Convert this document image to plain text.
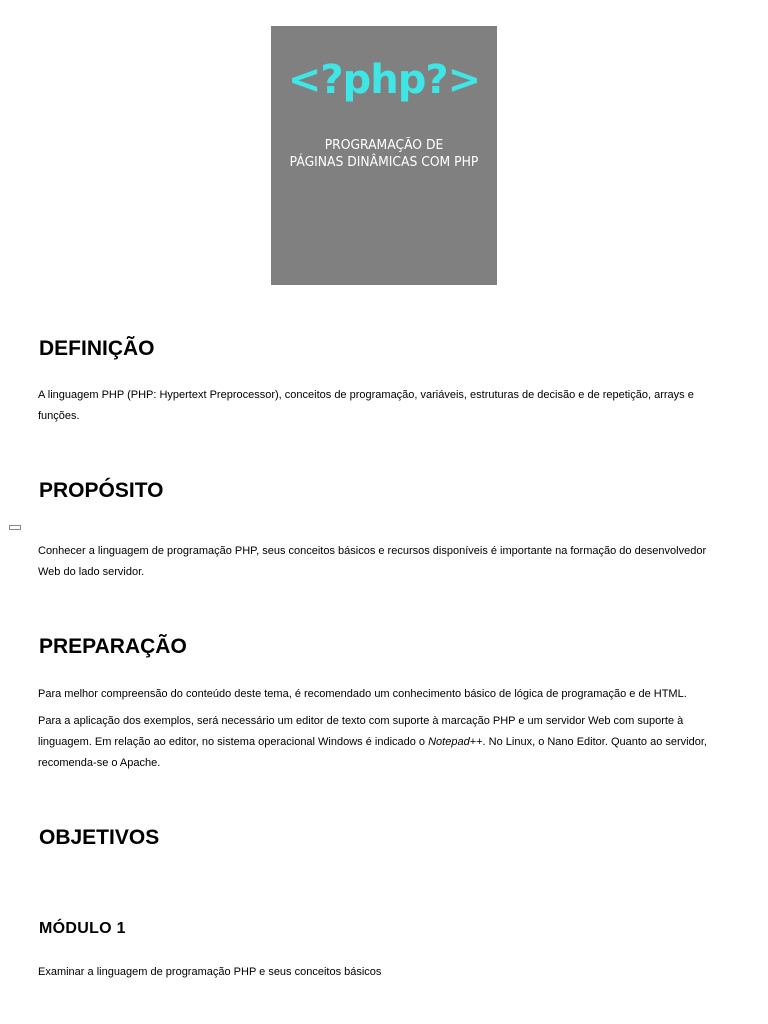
<?php?>
PROGRAMAÇÃO DE
PÁGINAS DINÂMICAS COM PHP
DEFINIÇÃO

A linguagem PHP (PHP: Hypertext Preprocessor), conceitos de programação, variáveis, estruturas de decisão e de repetição, arrays e funções.

PROPÓSITO

Conhecer a linguagem de programação PHP, seus conceitos básicos e recursos disponíveis é importante na formação do desenvolvedor Web do lado servidor.

PREPARAÇÃO

Para melhor compreensão do conteúdo deste tema, é recomendado um conhecimento básico de lógica de programação e de HTML.

Para a aplicação dos exemplos, será necessário um editor de texto com suporte à marcação PHP e um servidor Web com suporte à linguagem. Em relação ao editor, no sistema operacional Windows é indicado o Notepad++. No Linux, o Nano Editor. Quanto ao servidor, recomenda-se o Apache.

OBJETIVOS
MÓDULO 1

Examinar a linguagem de programação PHP e seus conceitos básicos
